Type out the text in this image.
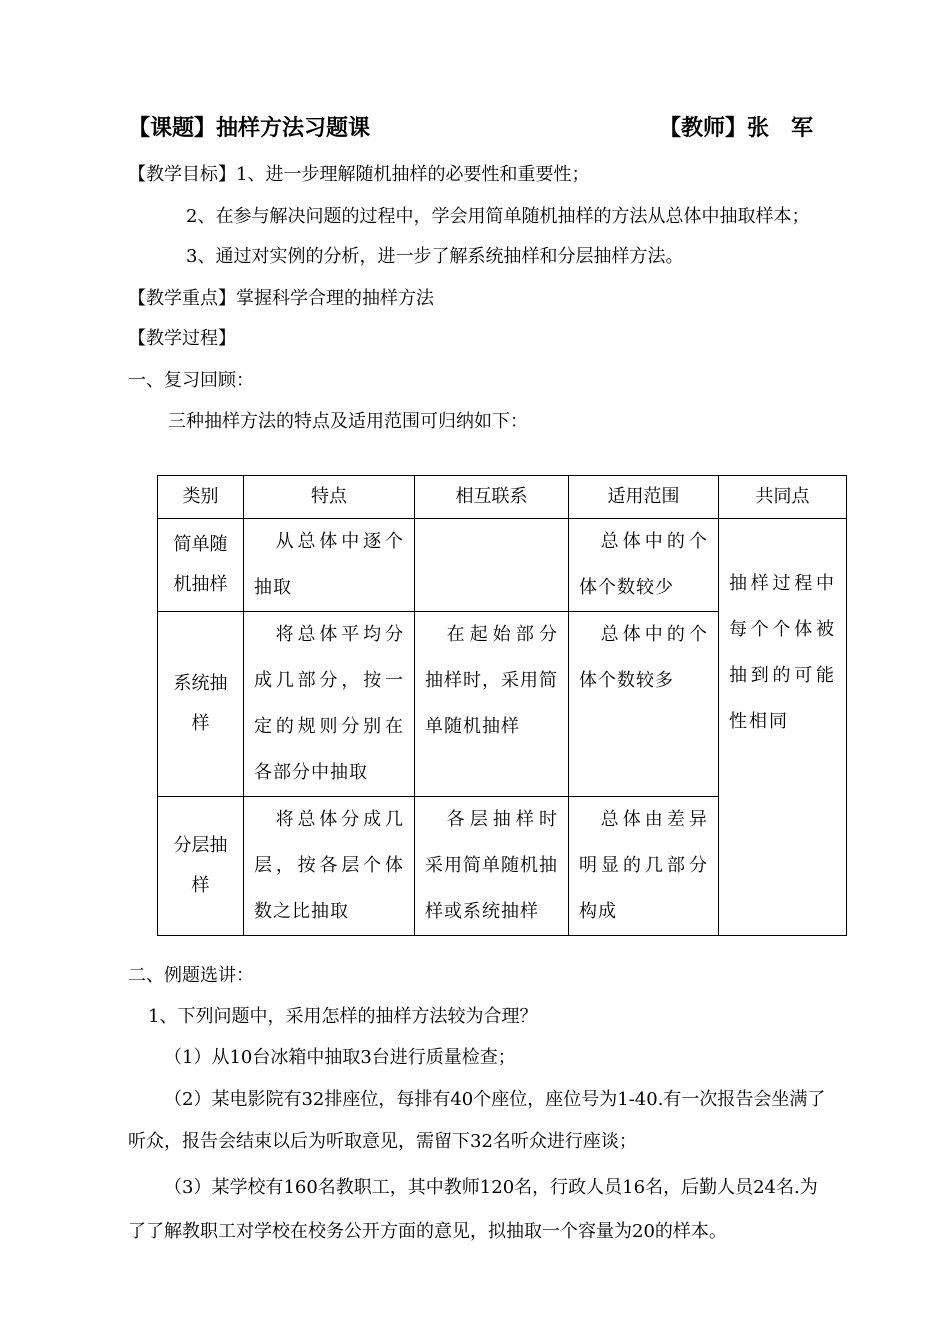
【课题】抽样方法习题课	【教师】张　军
【教学目标】1、进一步理解随机抽样的必要性和重要性；
2、在参与解决问题的过程中，学会用简单随机抽样的方法从总体中抽取样本；
3、通过对实例的分析，进一步了解系统抽样和分层抽样方法。
【教学重点】掌握科学合理的抽样方法
【教学过程】
一、复习回顾：
三种抽样方法的特点及适用范围可归纳如下：
类别	特点	相互联系	适用范围	共同点
简单随机抽样	从总体中逐个抽取		总体中的个体个数较少	抽样过程中每个个体被抽到的可能性相同
系统抽样	将总体平均分成几部分，按一定的规则分别在各部分中抽取	在起始部分抽样时，采用简单随机抽样	总体中的个体个数较多	
分层抽样	将总体分成几层，按各层个体数之比抽取	各层抽样时采用简单随机抽样或系统抽样	总体由差异明显的几部分构成	
二、例题选讲：
1、下列问题中，采用怎样的抽样方法较为合理？
（1）从10台冰箱中抽取3台进行质量检查；
（2）某电影院有32排座位，每排有40个座位，座位号为1-40.有一次报告会坐满了
听众，报告会结束以后为听取意见，需留下32名听众进行座谈；
（3）某学校有160名教职工，其中教师120名，行政人员16名，后勤人员24名.为
了了解教职工对学校在校务公开方面的意见，拟抽取一个容量为20的样本。
